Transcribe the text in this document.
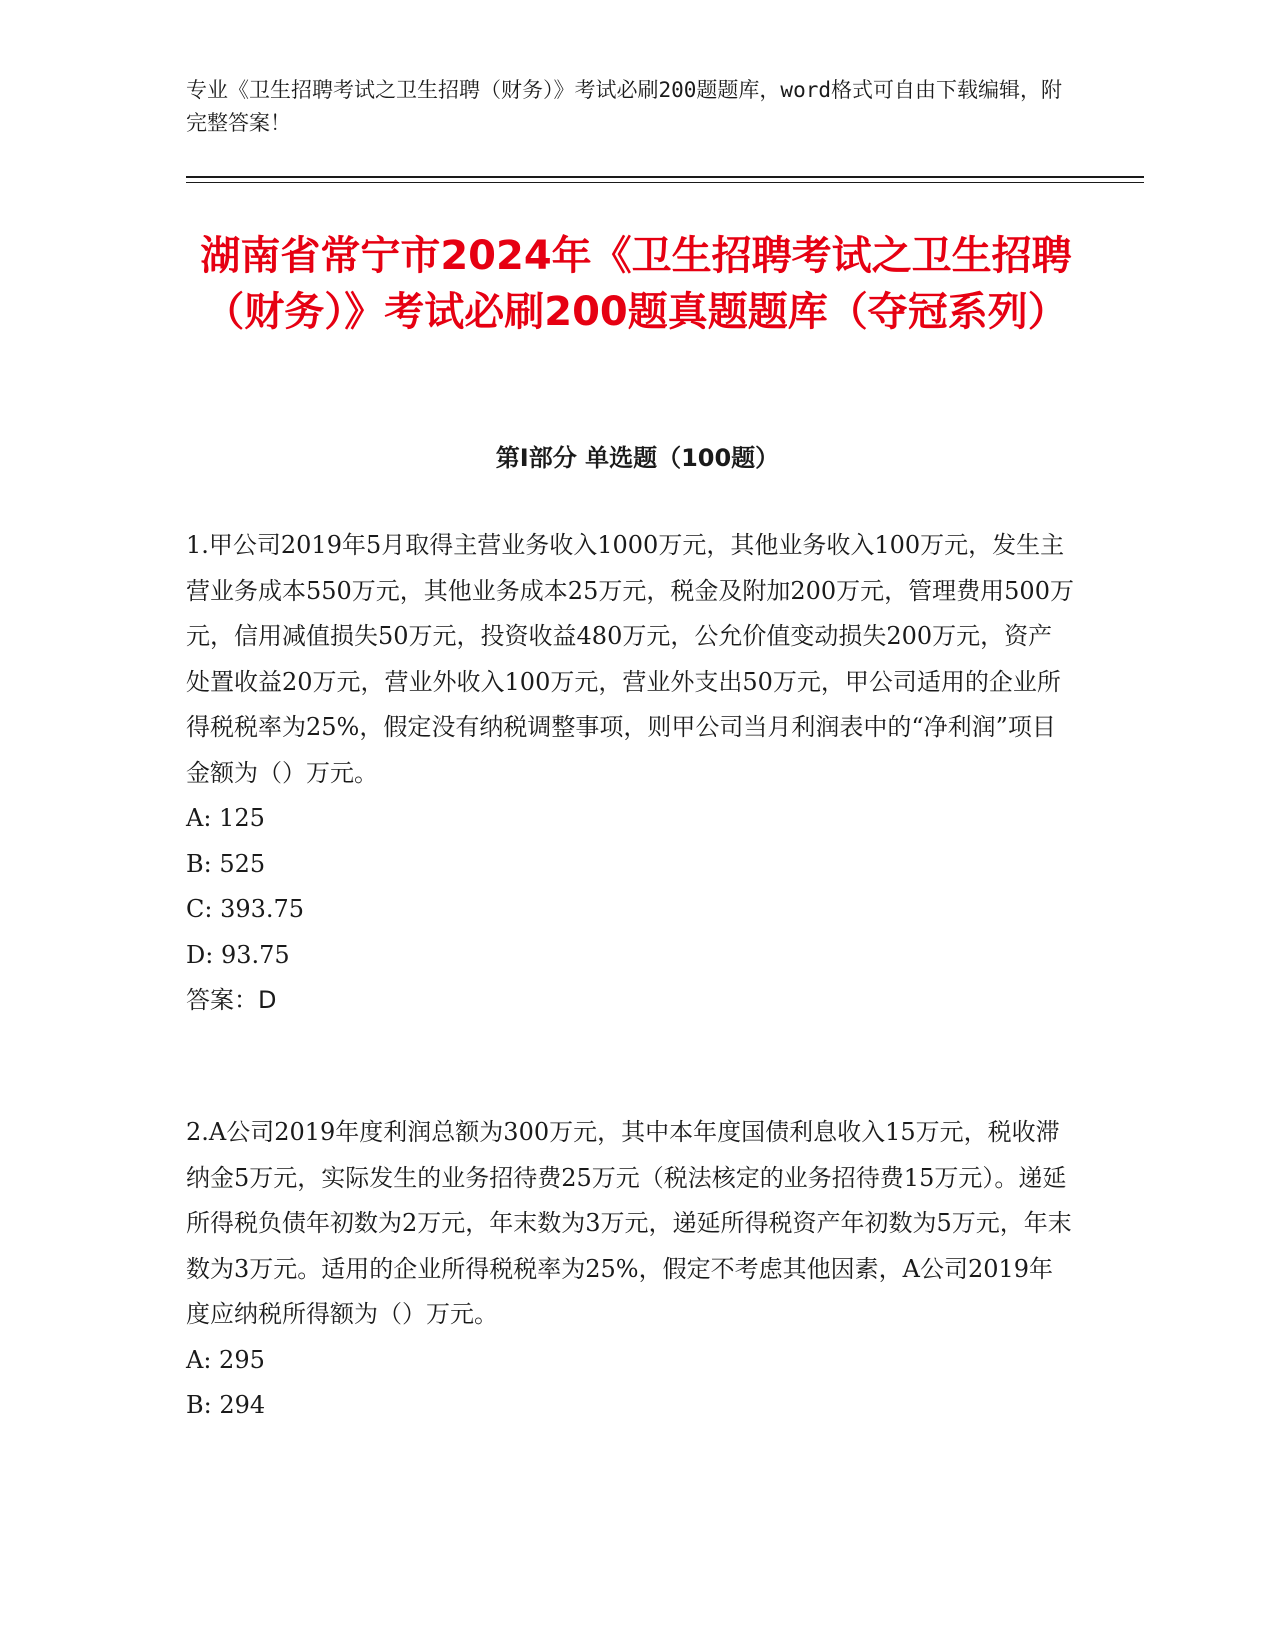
专业《卫生招聘考试之卫生招聘（财务）》考试必刷200题题库，word格式可自由下载编辑，附完整答案！
湖南省常宁市2024年《卫生招聘考试之卫生招聘（财务）》考试必刷200题真题题库（夺冠系列）
第Ⅰ部分 单选题（100题）

1.甲公司2019年5月取得主营业务收入1000万元，其他业务收入100万元，发生主营业务成本550万元，其他业务成本25万元，税金及附加200万元，管理费用500万元，信用减值损失50万元，投资收益480万元，公允价值变动损失200万元，资产处置收益20万元，营业外收入100万元，营业外支出50万元，甲公司适用的企业所得税税率为25%，假定没有纳税调整事项，则甲公司当月利润表中的“净利润”项目金额为（）万元。

A: 125

B: 525

C: 393.75

D: 93.75

答案：D

2.A公司2019年度利润总额为300万元，其中本年度国债利息收入15万元，税收滞纳金5万元，实际发生的业务招待费25万元（税法核定的业务招待费15万元）。递延所得税负债年初数为2万元，年末数为3万元，递延所得税资产年初数为5万元，年末数为3万元。适用的企业所得税税率为25%，假定不考虑其他因素，A公司2019年度应纳税所得额为（）万元。

A: 295

B: 294
